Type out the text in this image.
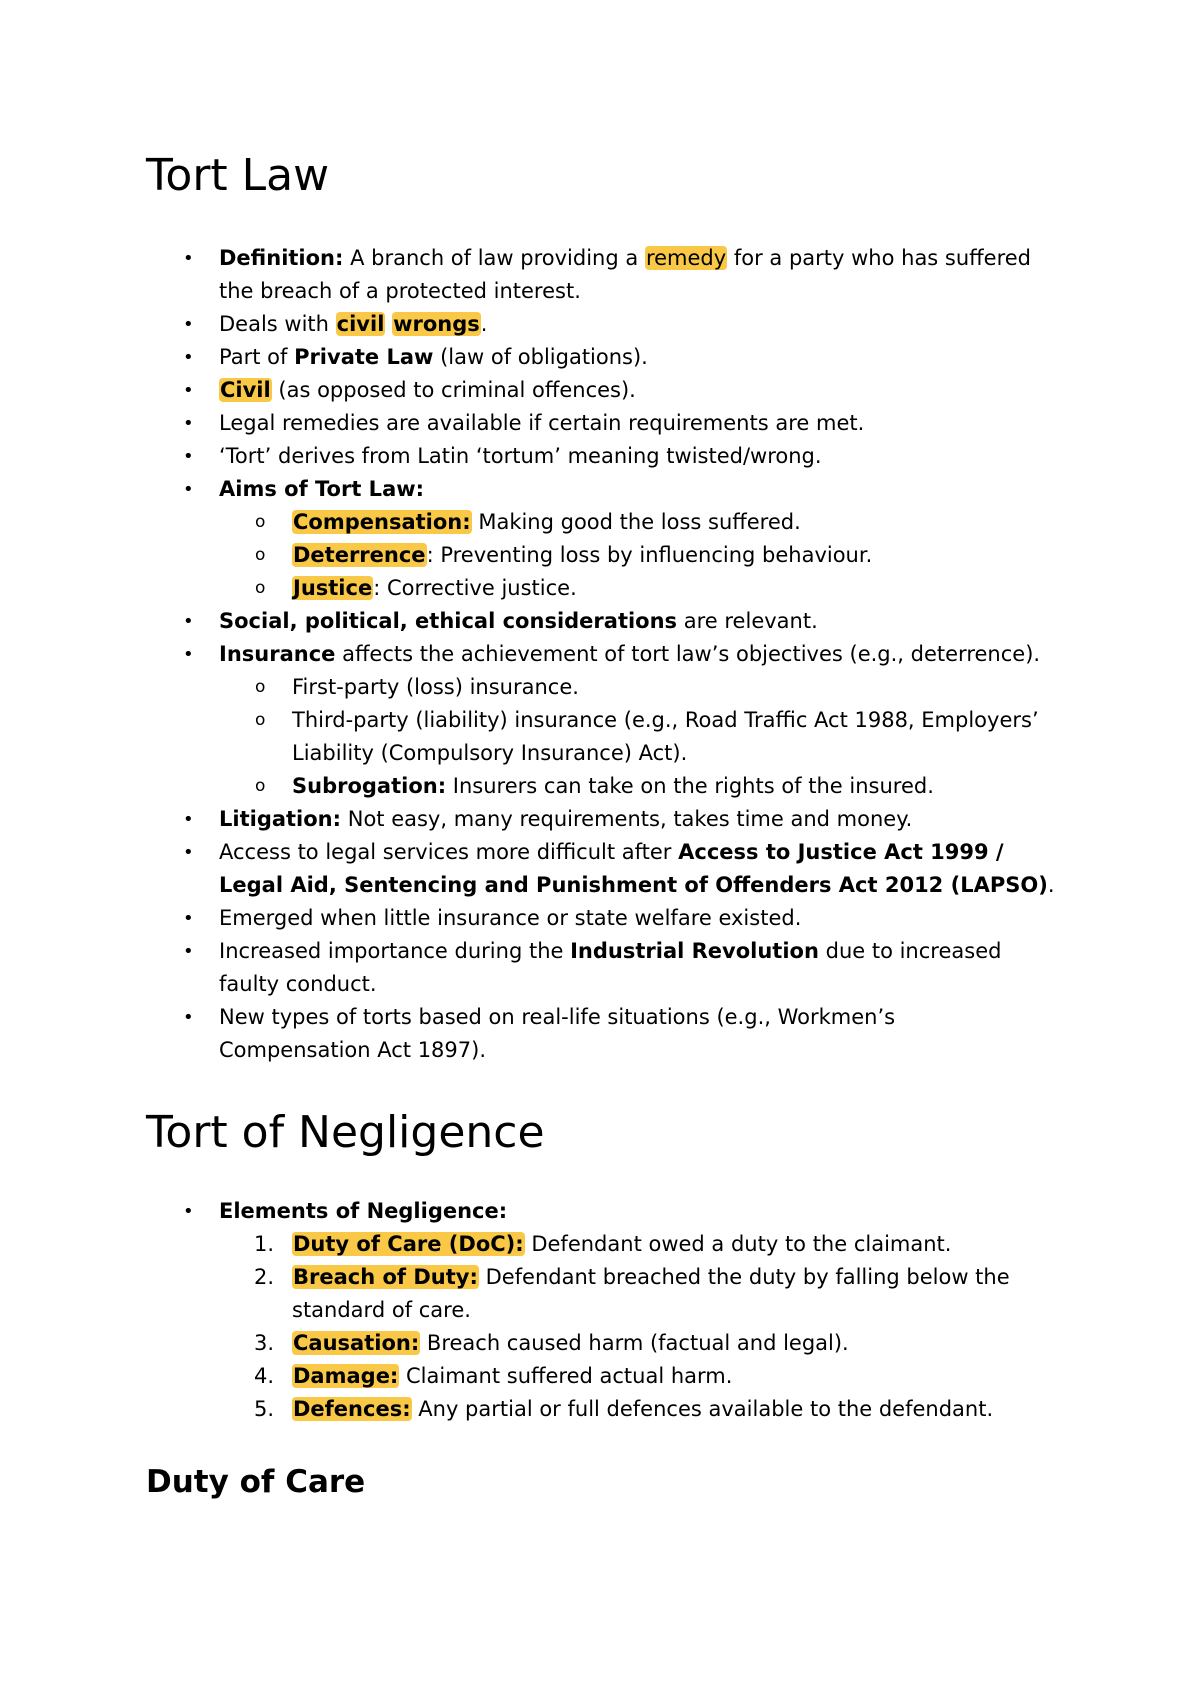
Tort Law
• Definition: A branch of law providing a remedy for a party who has suffered
the breach of a protected interest.
• Deals with civil wrongs.
• Part of Private Law (law of obligations).
• Civil (as opposed to criminal offences).
• Legal remedies are available if certain requirements are met.
• ‘Tort’ derives from Latin ‘tortum’ meaning twisted/wrong.
• Aims of Tort Law:
o Compensation: Making good the loss suffered.
o Deterrence: Preventing loss by influencing behaviour.
o Justice: Corrective justice.
• Social, political, ethical considerations are relevant.
• Insurance affects the achievement of tort law’s objectives (e.g., deterrence).
o First-party (loss) insurance.
o Third-party (liability) insurance (e.g., Road Traffic Act 1988, Employers’
Liability (Compulsory Insurance) Act).
o Subrogation: Insurers can take on the rights of the insured.
• Litigation: Not easy, many requirements, takes time and money.
• Access to legal services more difficult after Access to Justice Act 1999 /
Legal Aid, Sentencing and Punishment of Offenders Act 2012 (LAPSO).
• Emerged when little insurance or state welfare existed.
• Increased importance during the Industrial Revolution due to increased
faulty conduct.
• New types of torts based on real-life situations (e.g., Workmen’s
Compensation Act 1897).
Tort of Negligence
• Elements of Negligence:
1. Duty of Care (DoC): Defendant owed a duty to the claimant.
2. Breach of Duty: Defendant breached the duty by falling below the
standard of care.
3. Causation: Breach caused harm (factual and legal).
4. Damage: Claimant suffered actual harm.
5. Defences: Any partial or full defences available to the defendant.
Duty of Care
